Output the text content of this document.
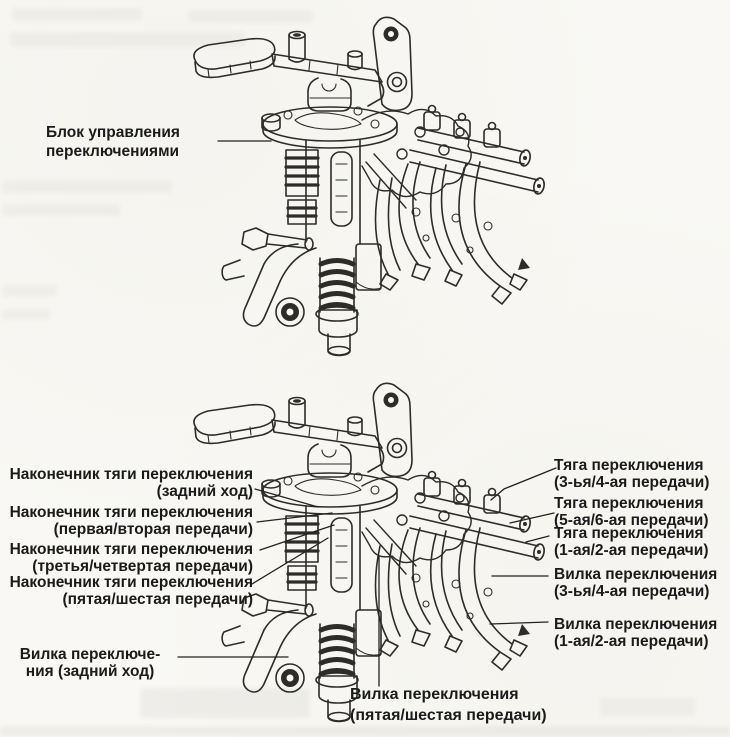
Блок управления
переключениями
Наконечник тяги переключения
(задний ход)
Наконечник тяги переключения
(первая/вторая передачи)
Наконечник тяги переключения
(третья/четвертая передачи)
Наконечник тяги переключения
(пятая/шестая передачи)
Вилка переключе-
ния (задний ход)
Тяга переключения
(3-ья/4-ая передачи)
Тяга переключения
(5-ая/6-ая передачи)
Тяга переключения
(1-ая/2-ая передачи)
Вилка переключения
(3-ья/4-ая передачи)
Вилка переключения
(1-ая/2-ая передачи)
Вилка переключения
(пятая/шестая передачи)
